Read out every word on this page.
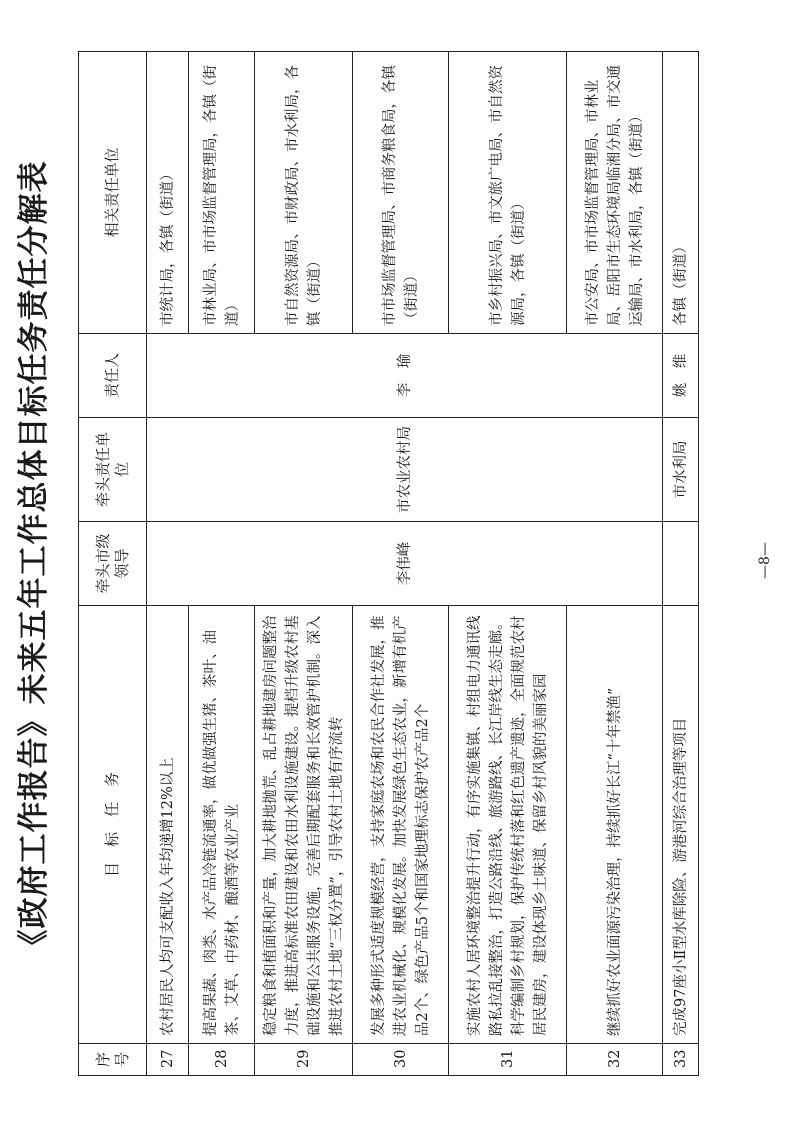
《政府工作报告》未来五年工作总体目标任务责任分解表
序号	目　标　任　务	牵头市级领导	牵头责任单位	责任人	相关责任单位
27	农村居民人均可支配收入年均递增12%以上	李伟峰	市农业农村局	李　瑜	市统计局，各镇（街道）
28	提高果蔬、肉类、水产品冷链流通率，做优做强生猪、茶叶、油茶、艾草、中药材、酿酒等农业产业				市林业局、市市场监督管理局，各镇（街道）
29	稳定粮食和植面积和产量，加大耕地抛荒、乱占耕地建房问题整治力度，推进高标准农田建设和农田水利设施建设。提档升级农村基础设施和公共服务设施，完善后期配套服务和长效管护机制。深入推进农村土地“三权分置”，引导农村土地有序流转				市自然资源局、市财政局、市水利局，各镇（街道）
30	发展多种形式适度规模经营，支持家庭农场和农民合作社发展，推进农业机械化、规模化发展。加快发展绿色生态农业，新增有机产品2个、绿色产品5个和国家地理标志保护农产品2个				市市场监督管理局、市商务粮食局，各镇（街道）
31	实施农村人居环境整治提升行动，有序实施集镇、村组电力通讯线路私拉乱接整治，打造公路沿线、旅游路线、长江岸线生态走廊。科学编制乡村规划，保护传统村落和红色遗产遗迹，全面规范农村居民建房，建设体现乡土味道、保留乡村风貌的美丽家园				市乡村振兴局、市文旅广电局、市自然资源局，各镇（街道）
32	继续抓好农业面源污染治理，持续抓好长江“十年禁渔”				市公安局、市市场监督管理局、市林业局、岳阳市生态环境局临湘分局、市交通运输局、市水利局，各镇（街道）
33	完成97座小Ⅱ型水库除险、游港河综合治理等项目		市水利局	姚　维	各镇（街道）
—8—
